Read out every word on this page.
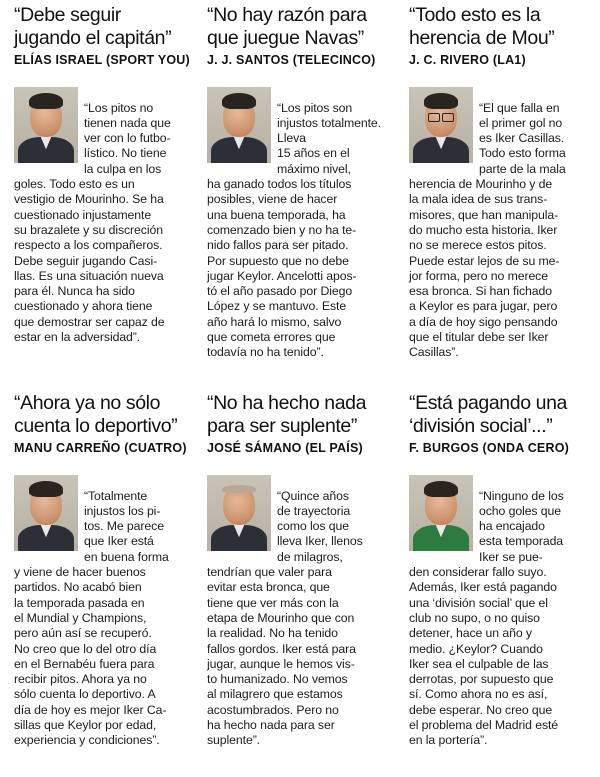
“Debe seguir
jugando el capitán”
ELÍAS ISRAEL (SPORT YOU)

“Los pitos no
tienen nada que
ver con lo futbo-
lístico. No tiene
la culpa en los
goles. Todo esto es un
vestigio de Mourinho. Se ha
cuestionado injustamente
su brazalete y su discreción
respecto a los compañeros.
Debe seguir jugando Casi-
llas. Es una situación nueva
para él. Nunca ha sido
cuestionado y ahora tiene
que demostrar ser capaz de
estar en la adversidad”.

“No hay razón para
que juegue Navas”
J. J. SANTOS (TELECINCO)

“Los pitos son
injustos totalmente.
Lleva
15 años en el
máximo nivel,
ha ganado todos los títulos
posibles, viene de hacer
una buena temporada, ha
comenzado bien y no ha te-
nido fallos para ser pitado.
Por supuesto que no debe
jugar Keylor. Ancelotti apos-
tó el año pasado por Diego
López y se mantuvo. Este
año hará lo mismo, salvo
que cometa errores que
todavía no ha tenido”.

“Todo esto es la
herencia de Mou”
J. C. RIVERO (LA1)

“El que falla en
el primer gol no
es Iker Casillas.
Todo esto forma
parte de la mala
herencia de Mourinho y de
la mala idea de sus trans-
misores, que han manipula-
do mucho esta historia. Iker
no se merece estos pitos.
Puede estar lejos de su me-
jor forma, pero no merece
esa bronca. Si han fichado
a Keylor es para jugar, pero
a día de hoy sigo pensando
que el titular debe ser Iker
Casillas”.

“Ahora ya no sólo
cuenta lo deportivo”
MANU CARREÑO (CUATRO)

“Totalmente
injustos los pi-
tos. Me parece
que Iker está
en buena forma
y viene de hacer buenos
partidos. No acabó bien
la temporada pasada en
el Mundial y Champions,
pero aún así se recuperó.
No creo que lo del otro día
en el Bernabéu fuera para
recibir pitos. Ahora ya no
sólo cuenta lo deportivo. A
día de hoy es mejor Iker Ca-
sillas que Keylor por edad,
experiencia y condiciones”.

“No ha hecho nada
para ser suplente”
JOSÉ SÁMANO (EL PAÍS)

“Quince años
de trayectoria
como los que
lleva Iker, llenos
de milagros,
tendrían que valer para
evitar esta bronca, que
tiene que ver más con la
etapa de Mourinho que con
la realidad. No ha tenido
fallos gordos. Iker está para
jugar, aunque le hemos vis-
to humanizado. No vemos
al milagrero que estamos
acostumbrados. Pero no
ha hecho nada para ser
suplente”.

“Está pagando una
‘división social’...”
F. BURGOS (ONDA CERO)

“Ninguno de los
ocho goles que
ha encajado
esta temporada
Iker se pue-
den considerar fallo suyo.
Además, Iker está pagando
una ‘división social’ que el
club no supo, o no quiso
detener, hace un año y
medio. ¿Keylor? Cuando
Iker sea el culpable de las
derrotas, por supuesto que
sí. Como ahora no es así,
debe esperar. No creo que
el problema del Madrid esté
en la portería”.
